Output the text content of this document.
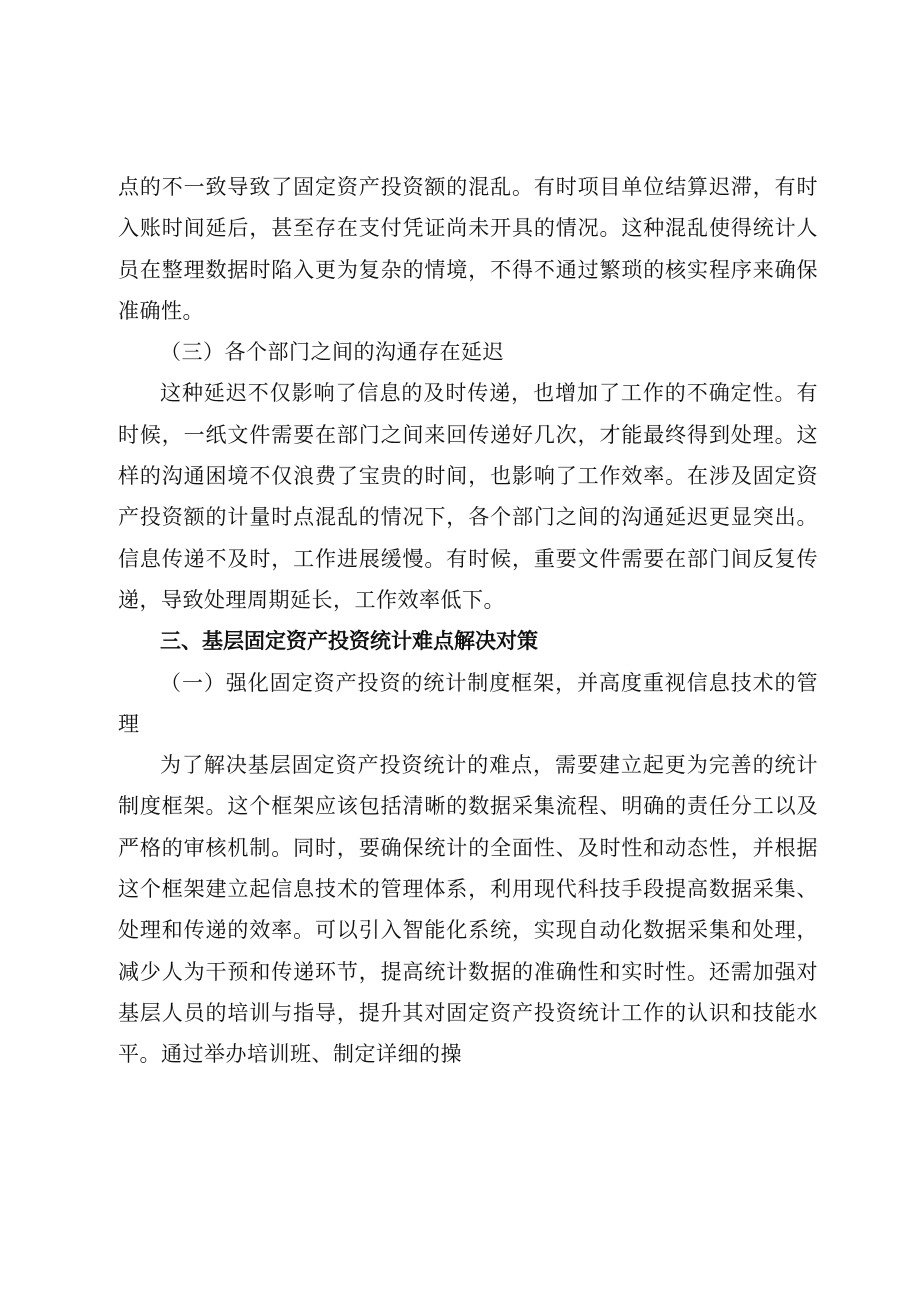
点的不一致导致了固定资产投资额的混乱。有时项目单位结算迟滞，有时入账时间延后，甚至存在支付凭证尚未开具的情况。这种混乱使得统计人员在整理数据时陷入更为复杂的情境，不得不通过繁琐的核实程序来确保准确性。

（三）各个部门之间的沟通存在延迟

这种延迟不仅影响了信息的及时传递，也增加了工作的不确定性。有时候，一纸文件需要在部门之间来回传递好几次，才能最终得到处理。这样的沟通困境不仅浪费了宝贵的时间，也影响了工作效率。在涉及固定资产投资额的计量时点混乱的情况下，各个部门之间的沟通延迟更显突出。信息传递不及时，工作进展缓慢。有时候，重要文件需要在部门间反复传递，导致处理周期延长，工作效率低下。

三、基层固定资产投资统计难点解决对策

（一）强化固定资产投资的统计制度框架，并高度重视信息技术的管理

为了解决基层固定资产投资统计的难点，需要建立起更为完善的统计制度框架。这个框架应该包括清晰的数据采集流程、明确的责任分工以及严格的审核机制。同时，要确保统计的全面性、及时性和动态性，并根据这个框架建立起信息技术的管理体系，利用现代科技手段提高数据采集、处理和传递的效率。可以引入智能化系统，实现自动化数据采集和处理，减少人为干预和传递环节，提高统计数据的准确性和实时性。还需加强对基层人员的培训与指导，提升其对固定资产投资统计工作的认识和技能水平。通过举办培训班、制定详细的操
